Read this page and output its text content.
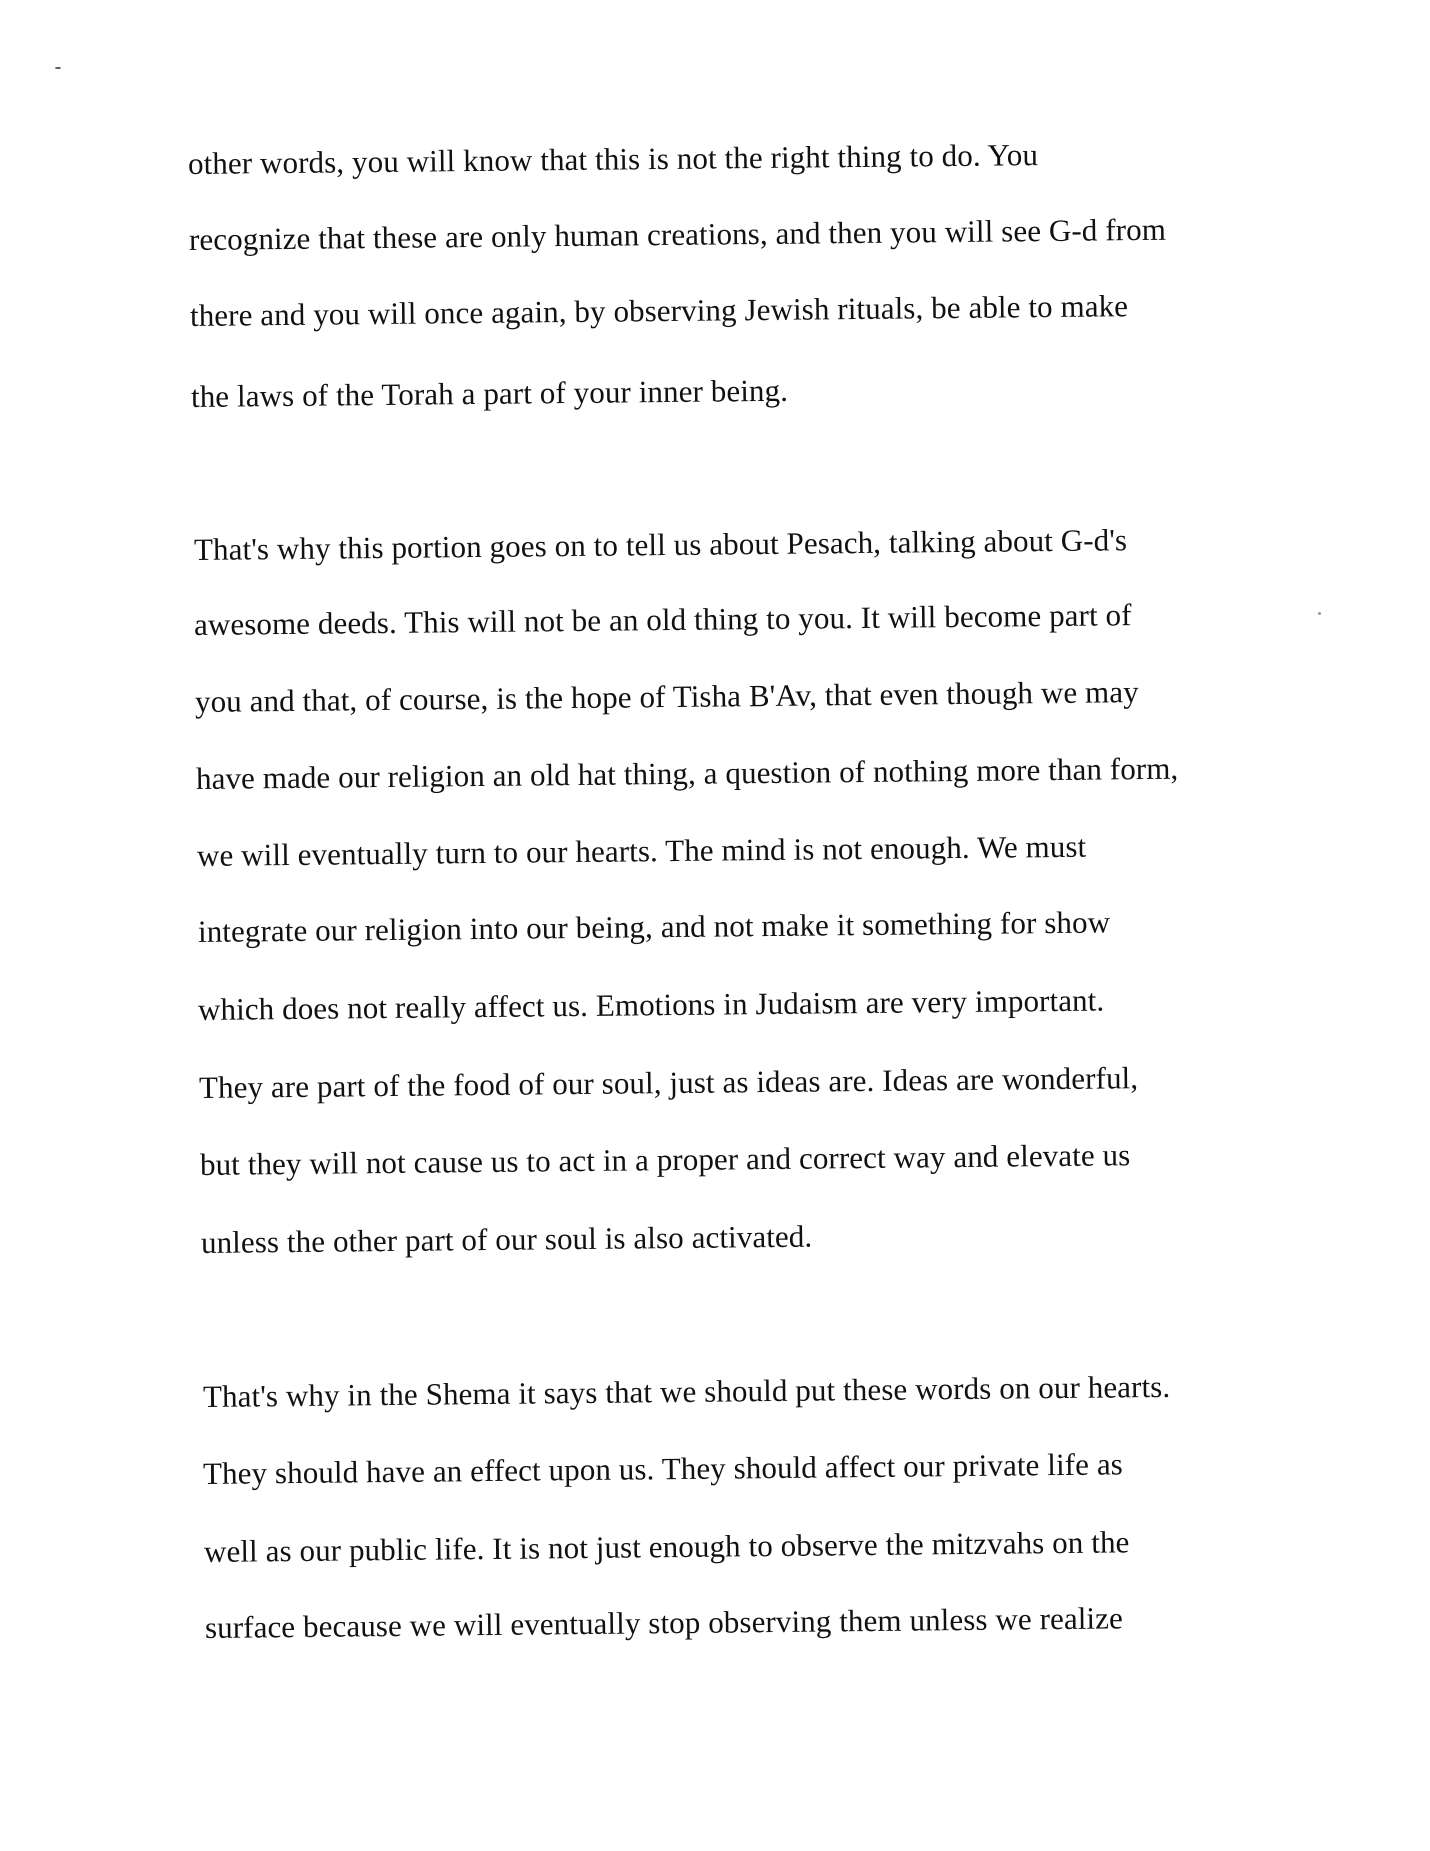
other words, you will know that this is not the right thing to do. You
recognize that these are only human creations, and then you will see G-d from
there and you will once again, by observing Jewish rituals, be able to make
the laws of the Torah a part of your inner being.
That's why this portion goes on to tell us about Pesach, talking about G-d's
awesome deeds. This will not be an old thing to you. It will become part of
you and that, of course, is the hope of Tisha B'Av, that even though we may
have made our religion an old hat thing, a question of nothing more than form,
we will eventually turn to our hearts. The mind is not enough. We must
integrate our religion into our being, and not make it something for show
which does not really affect us. Emotions in Judaism are very important.
They are part of the food of our soul, just as ideas are. Ideas are wonderful,
but they will not cause us to act in a proper and correct way and elevate us
unless the other part of our soul is also activated.
That's why in the Shema it says that we should put these words on our hearts.
They should have an effect upon us. They should affect our private life as
well as our public life. It is not just enough to observe the mitzvahs on the
surface because we will eventually stop observing them unless we realize
